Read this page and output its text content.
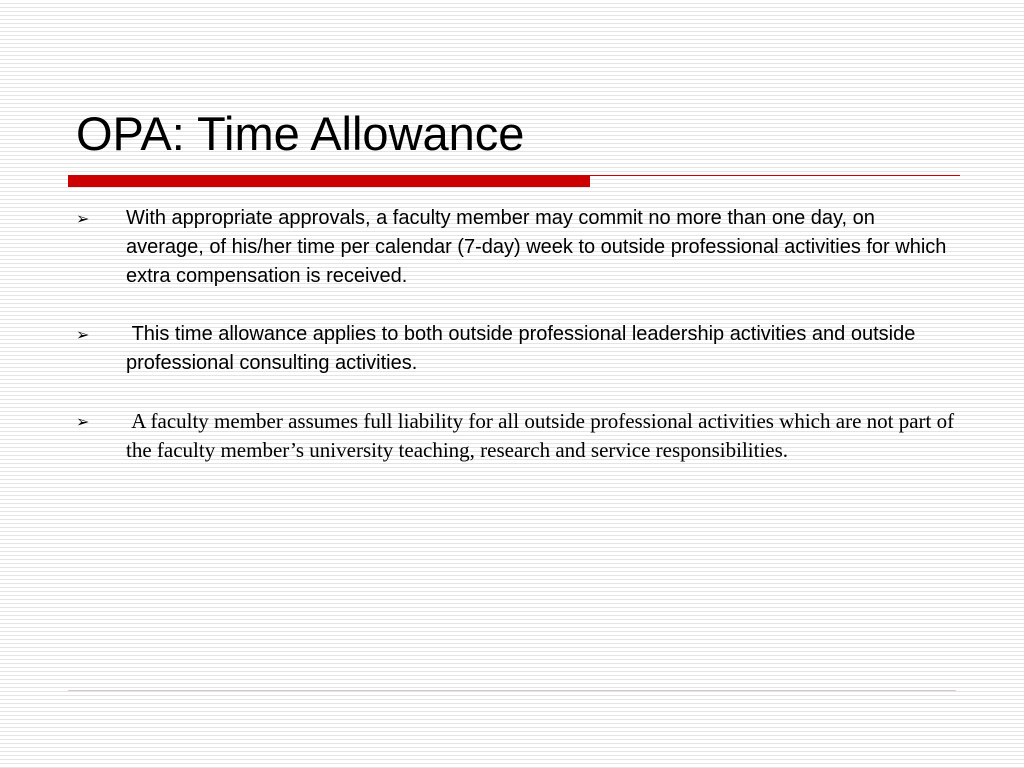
OPA: Time Allowance
➢	With appropriate approvals, a faculty member may commit no more than one day, on average, of his/her time per calendar (7-day) week to outside professional activities for which extra compensation is received.
➢	This time allowance applies to both outside professional leadership activities and outside professional consulting activities.
➢	A faculty member assumes full liability for all outside professional activities which are not part of the faculty member’s university teaching, research and service responsibilities.
